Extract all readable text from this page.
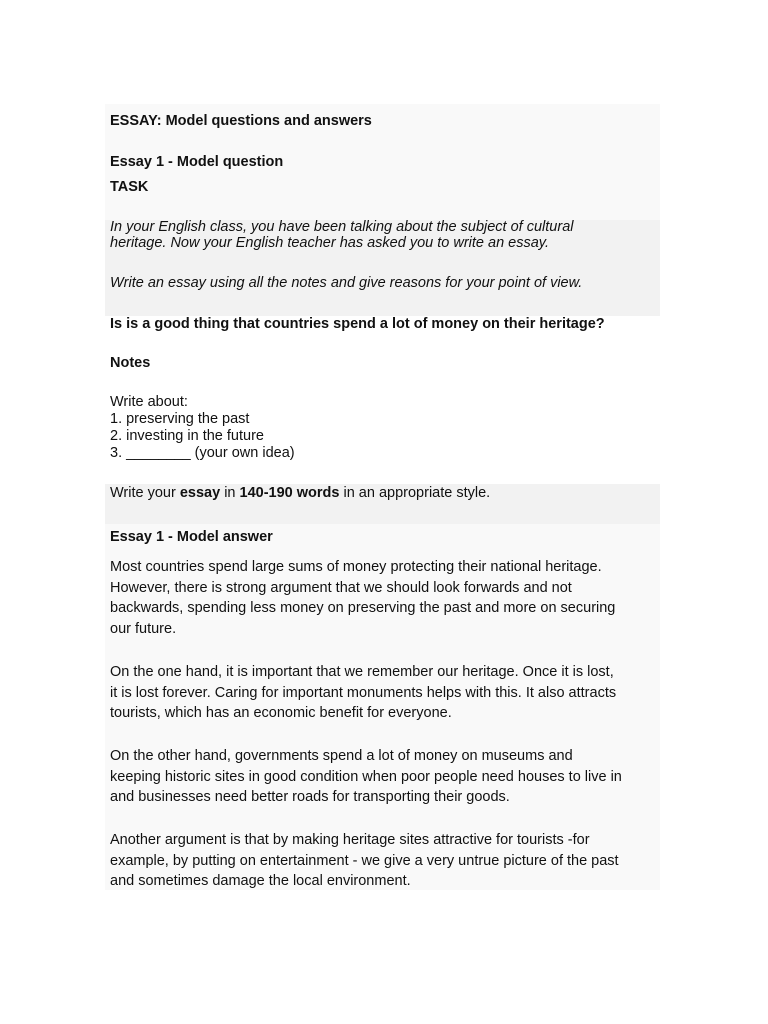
ESSAY: Model questions and answers
Essay 1 - Model question
TASK
In your English class, you have been talking about the subject of cultural
heritage. Now your English teacher has asked you to write an essay.
Write an essay using all the notes and give reasons for your point of view.
Is is a good thing that countries spend a lot of money on their heritage?
Notes
Write about:
1. preserving the past
2. investing in the future
3. ________ (your own idea)
Write your essay in 140-190 words in an appropriate style.
Essay 1 - Model answer
Most countries spend large sums of money protecting their national heritage.
However, there is strong argument that we should look forwards and not
backwards, spending less money on preserving the past and more on securing
our future.
On the one hand, it is important that we remember our heritage. Once it is lost,
it is lost forever. Caring for important monuments helps with this. It also attracts
tourists, which has an economic benefit for everyone.
On the other hand, governments spend a lot of money on museums and
keeping historic sites in good condition when poor people need houses to live in
and businesses need better roads for transporting their goods.
Another argument is that by making heritage sites attractive for tourists -for
example, by putting on entertainment - we give a very untrue picture of the past
and sometimes damage the local environment.
